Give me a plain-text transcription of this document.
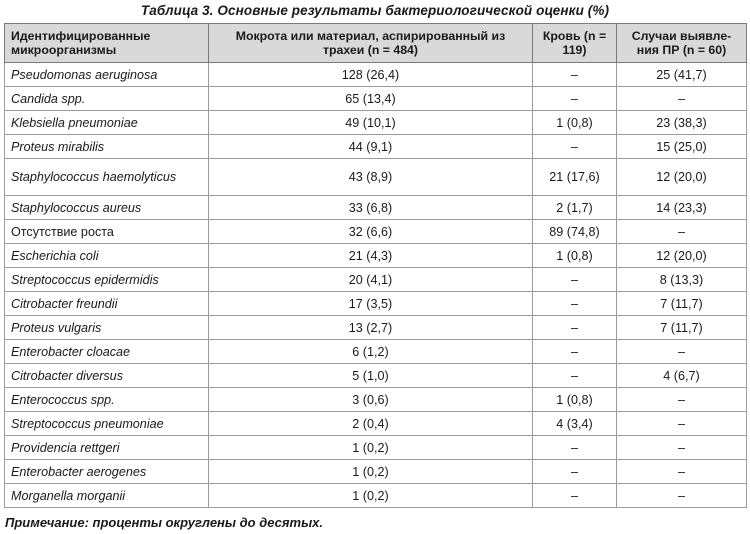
Таблица 3. Основные результаты бактериологической оценки (%)
Идентифицированные микроорганизмы	Мокрота или материал, аспирированный из трахеи (n = 484)	Кровь (n = 119)	Случаи выявле-ния ПР (n = 60)
Pseudomonas aeruginosa	128 (26,4)	–	25 (41,7)
Candida spp.	65 (13,4)	–	–
Klebsiella pneumoniae	49 (10,1)	1 (0,8)	23 (38,3)
Proteus mirabilis	44 (9,1)	–	15 (25,0)
Staphylococcus haemolyticus	43 (8,9)	21 (17,6)	12 (20,0)
Staphylococcus aureus	33 (6,8)	2 (1,7)	14 (23,3)
Отсутствие роста	32 (6,6)	89 (74,8)	–
Escherichia coli	21 (4,3)	1 (0,8)	12 (20,0)
Streptococcus epidermidis	20 (4,1)	–	8 (13,3)
Citrobacter freundii	17 (3,5)	–	7 (11,7)
Proteus vulgaris	13 (2,7)	–	7 (11,7)
Enterobacter cloacae	6 (1,2)	–	–
Citrobacter diversus	5 (1,0)	–	4 (6,7)
Enterococcus spp.	3 (0,6)	1 (0,8)	–
Streptococcus pneumoniae	2 (0,4)	4 (3,4)	–
Providencia rettgeri	1 (0,2)	–	–
Enterobacter aerogenes	1 (0,2)	–	–
Morganella morganii	1 (0,2)	–	–
Примечание: проценты округлены до десятых.
